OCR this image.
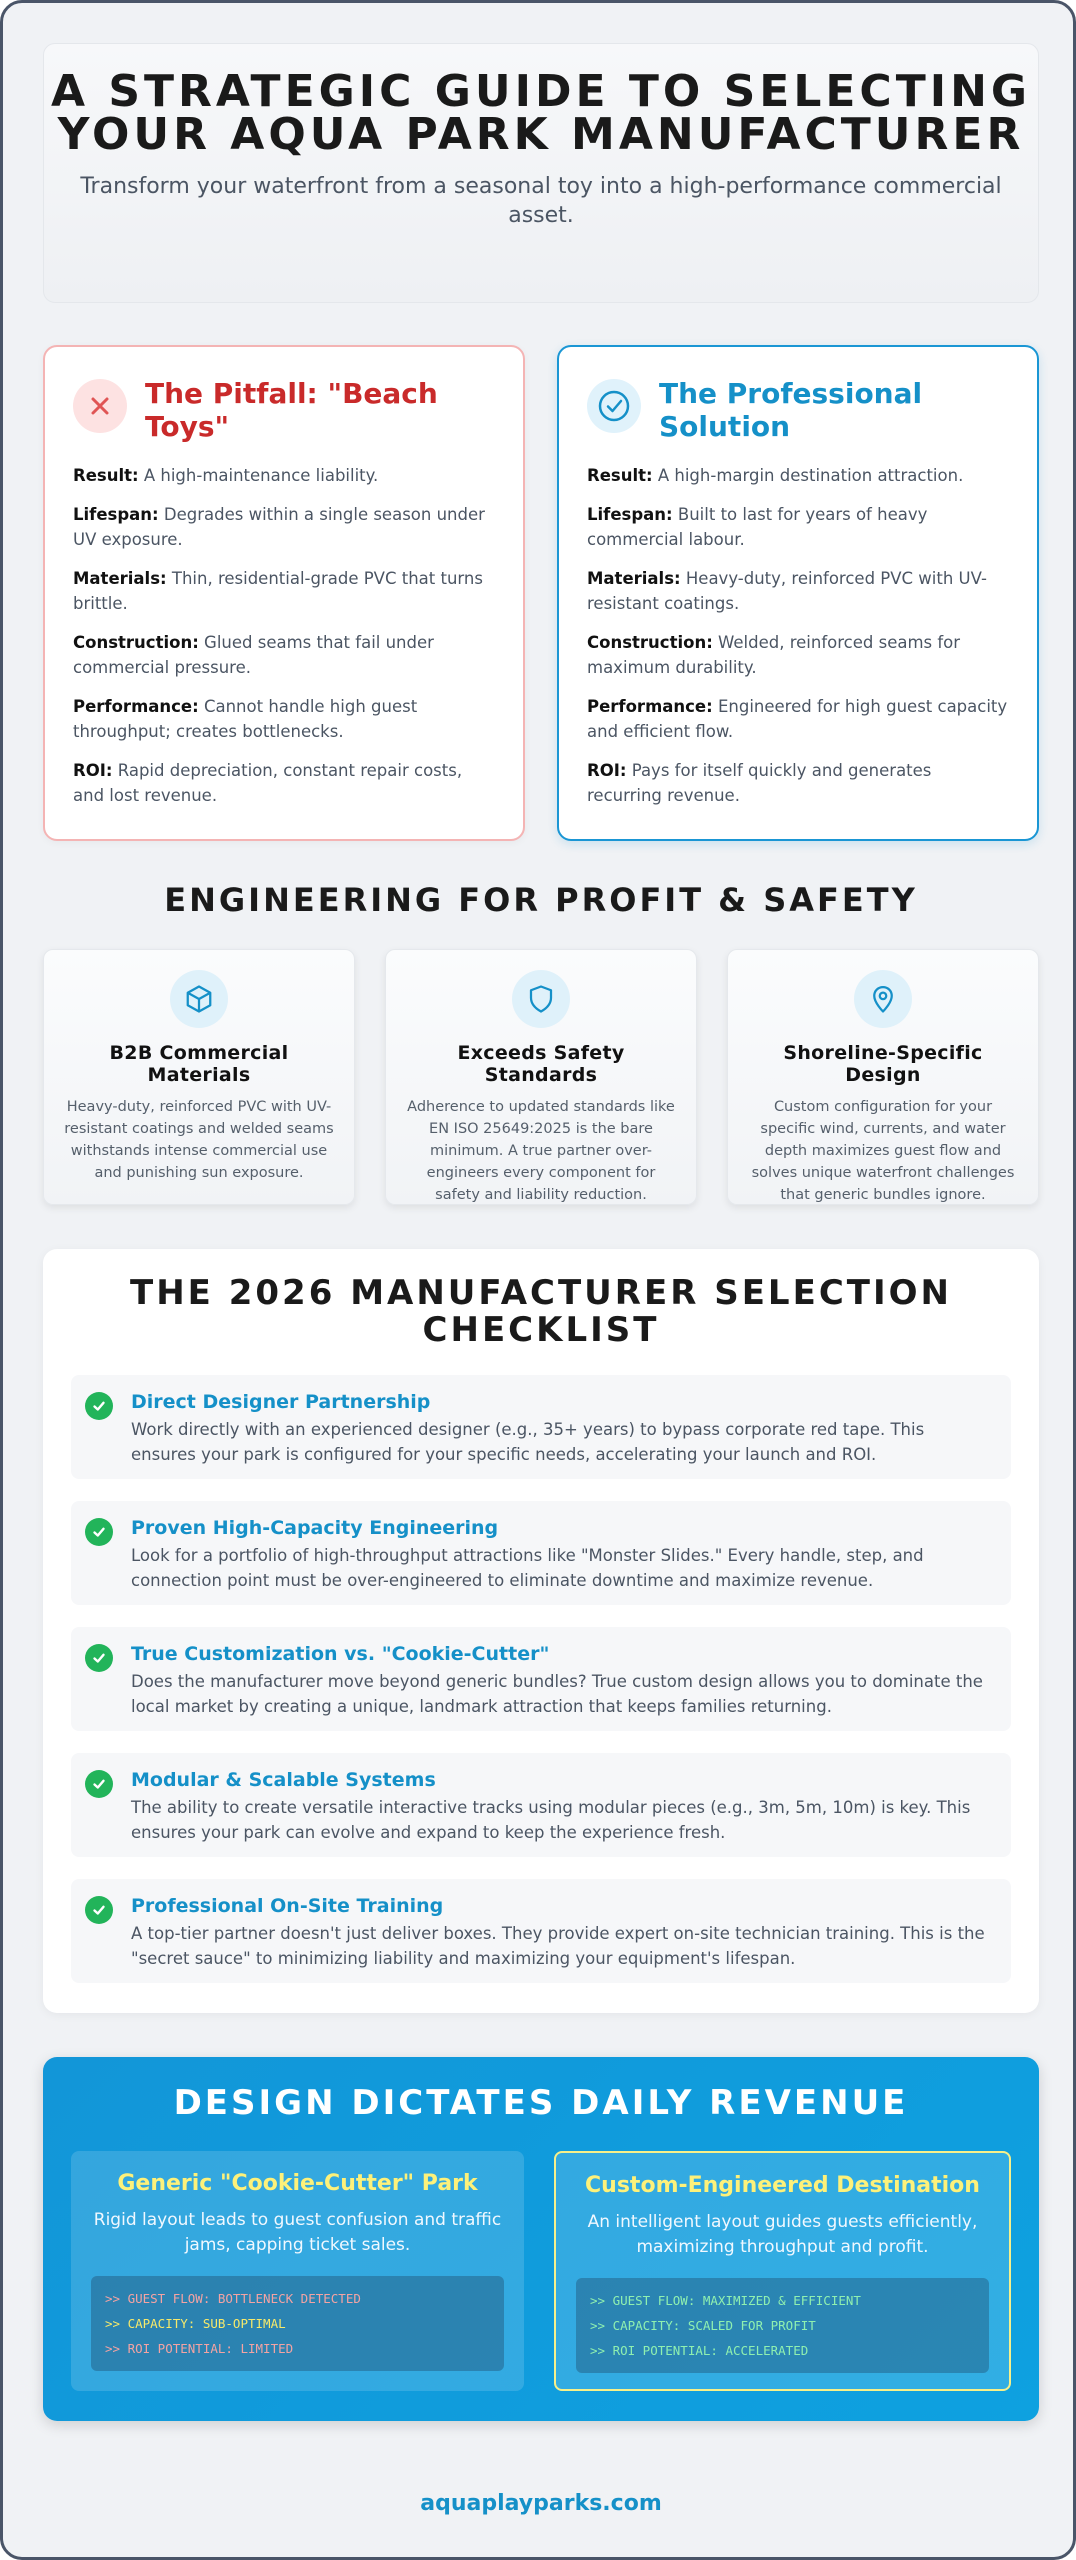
A STRATEGIC GUIDE TO SELECTING YOUR AQUA PARK MANUFACTURER

Transform your waterfront from a seasonal toy into a high-performance commercial asset.

The Pitfall: "Beach Toys"
Result: A high-maintenance liability.
Lifespan: Degrades within a single season under UV exposure.
Materials: Thin, residential-grade PVC that turns brittle.
Construction: Glued seams that fail under commercial pressure.
Performance: Cannot handle high guest throughput; creates bottlenecks.
ROI: Rapid depreciation, constant repair costs, and lost revenue.
The Professional Solution
Result: A high-margin destination attraction.
Lifespan: Built to last for years of heavy commercial labour.
Materials: Heavy-duty, reinforced PVC with UV-resistant coatings.
Construction: Welded, reinforced seams for maximum durability.
Performance: Engineered for high guest capacity and efficient flow.
ROI: Pays for itself quickly and generates recurring revenue.
ENGINEERING FOR PROFIT & SAFETY
B2B Commercial Materials

Heavy-duty, reinforced PVC with UV-resistant coatings and welded seams withstands intense commercial use and punishing sun exposure.

Exceeds Safety Standards

Adherence to updated standards like EN ISO 25649:2025 is the bare minimum. A true partner over-engineers every component for safety and liability reduction.

Shoreline-Specific Design

Custom configuration for your specific wind, currents, and water depth maximizes guest flow and solves unique waterfront challenges that generic bundles ignore.

THE 2026 MANUFACTURER SELECTION CHECKLIST
Direct Designer Partnership

Work directly with an experienced designer (e.g., 35+ years) to bypass corporate red tape. This ensures your park is configured for your specific needs, accelerating your launch and ROI.

Proven High-Capacity Engineering

Look for a portfolio of high-throughput attractions like "Monster Slides." Every handle, step, and connection point must be over-engineered to eliminate downtime and maximize revenue.

True Customization vs. "Cookie-Cutter"

Does the manufacturer move beyond generic bundles? True custom design allows you to dominate the local market by creating a unique, landmark attraction that keeps families returning.

Modular & Scalable Systems

The ability to create versatile interactive tracks using modular pieces (e.g., 3m, 5m, 10m) is key. This ensures your park can evolve and expand to keep the experience fresh.

Professional On-Site Training

A top-tier partner doesn't just deliver boxes. They provide expert on-site technician training. This is the "secret sauce" to minimizing liability and maximizing your equipment's lifespan.

DESIGN DICTATES DAILY REVENUE
Generic "Cookie-Cutter" Park

Rigid layout leads to guest confusion and traffic jams, capping ticket sales.

>> GUEST FLOW: BOTTLENECK DETECTED
>> CAPACITY: SUB-OPTIMAL
>> ROI POTENTIAL: LIMITED
Custom-Engineered Destination

An intelligent layout guides guests efficiently, maximizing throughput and profit.

>> GUEST FLOW: MAXIMIZED & EFFICIENT
>> CAPACITY: SCALED FOR PROFIT
>> ROI POTENTIAL: ACCELERATED
aquaplayparks.com
